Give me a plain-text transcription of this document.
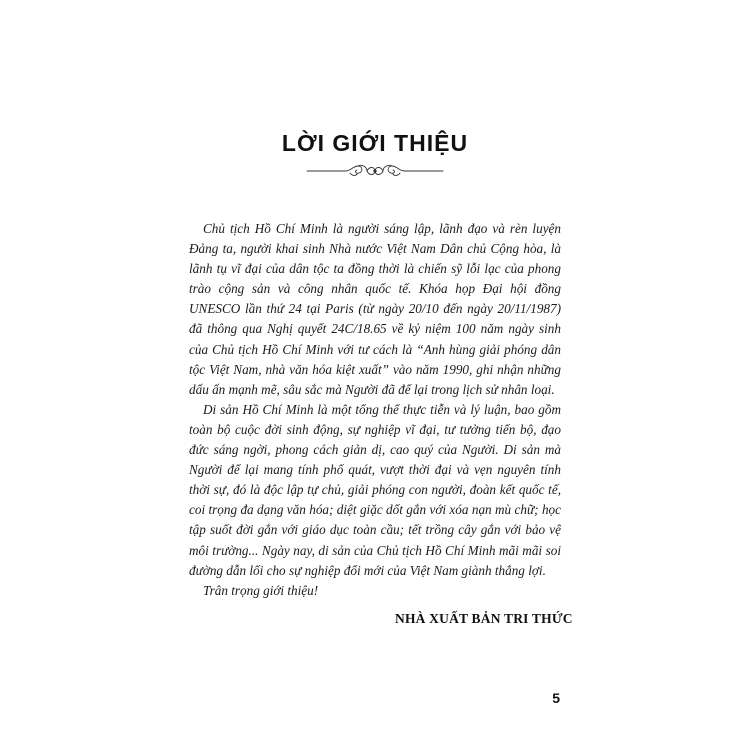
LỜI GIỚI THIỆU

Chủ tịch Hồ Chí Minh là người sáng lập, lãnh đạo và rèn luyện Đảng ta, người khai sinh Nhà nước Việt Nam Dân chủ Cộng hòa, là lãnh tụ vĩ đại của dân tộc ta đồng thời là chiến sỹ lỗi lạc của phong trào cộng sản và công nhân quốc tế. Khóa họp Đại hội đồng UNESCO lần thứ 24 tại Paris (từ ngày 20/10 đến ngày 20/11/1987) đã thông qua Nghị quyết 24C/18.65 về kỷ niệm 100 năm ngày sinh của Chủ tịch Hồ Chí Minh với tư cách là “Anh hùng giải phóng dân tộc Việt Nam, nhà văn hóa kiệt xuất” vào năm 1990, ghi nhận những dấu ấn mạnh mẽ, sâu sắc mà Người đã để lại trong lịch sử nhân loại.

Di sản Hồ Chí Minh là một tổng thể thực tiễn và lý luận, bao gồm toàn bộ cuộc đời sinh động, sự nghiệp vĩ đại, tư tưởng tiến bộ, đạo đức sáng ngời, phong cách giản dị, cao quý của Người. Di sản mà Người để lại mang tính phổ quát, vượt thời đại và vẹn nguyên tính thời sự, đó là độc lập tự chủ, giải phóng con người, đoàn kết quốc tế, coi trọng đa dạng văn hóa; diệt giặc dốt gắn với xóa nạn mù chữ; học tập suốt đời gắn với giáo dục toàn cầu; tết trồng cây gắn với bảo vệ môi trường... Ngày nay, di sản của Chủ tịch Hồ Chí Minh mãi mãi soi đường dẫn lối cho sự nghiệp đổi mới của Việt Nam giành thắng lợi.

Trân trọng giới thiệu!

NHÀ XUẤT BẢN TRI THỨC
5
